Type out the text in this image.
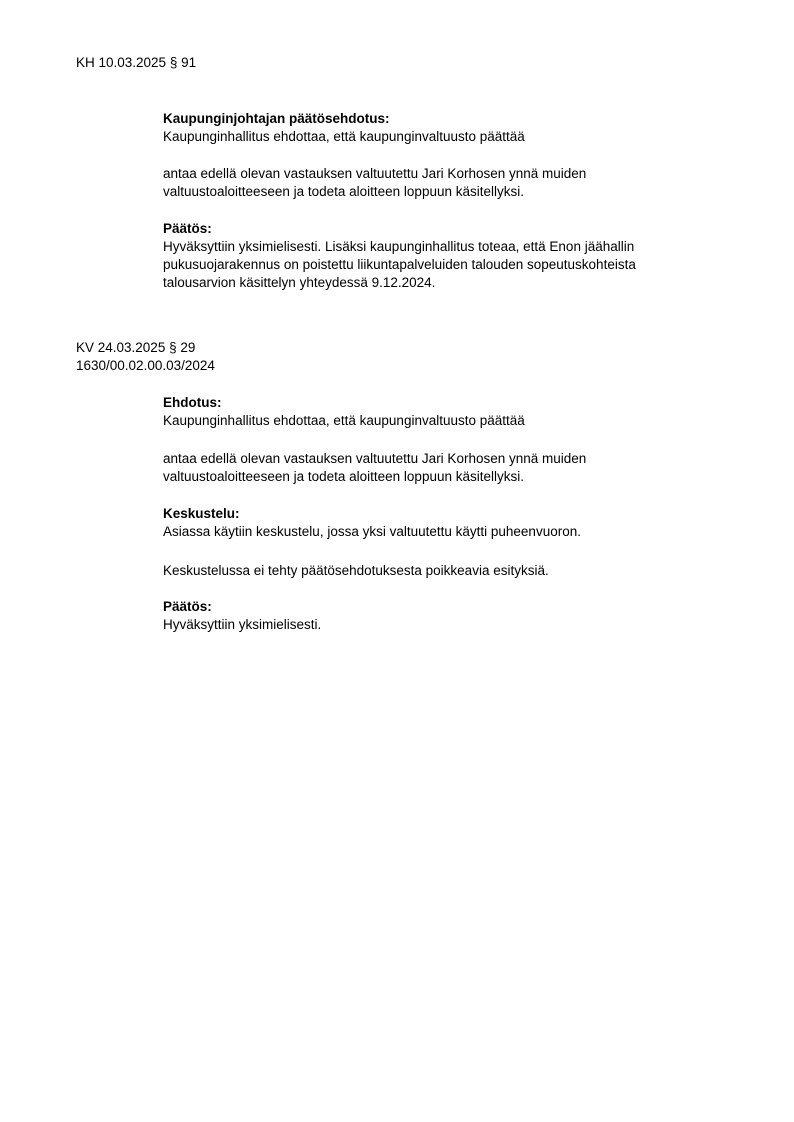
KH 10.03.2025 § 91

Kaupunginjohtajan päätösehdotus:

Kaupunginhallitus ehdottaa, että kaupunginvaltuusto päättää

antaa edellä olevan vastauksen valtuutettu Jari Korhosen ynnä muiden

valtuustoaloitteeseen ja todeta aloitteen loppuun käsitellyksi.

Päätös:

Hyväksyttiin yksimielisesti. Lisäksi kaupunginhallitus toteaa, että Enon jäähallin

pukusuojarakennus on poistettu liikuntapalveluiden talouden sopeutuskohteista

talousarvion käsittelyn yhteydessä 9.12.2024.

KV 24.03.2025 § 29

1630/00.02.00.03/2024

Ehdotus:

Kaupunginhallitus ehdottaa, että kaupunginvaltuusto päättää

antaa edellä olevan vastauksen valtuutettu Jari Korhosen ynnä muiden

valtuustoaloitteeseen ja todeta aloitteen loppuun käsitellyksi.

Keskustelu:

Asiassa käytiin keskustelu, jossa yksi valtuutettu käytti puheenvuoron.

Keskustelussa ei tehty päätösehdotuksesta poikkeavia esityksiä.

Päätös:

Hyväksyttiin yksimielisesti.
